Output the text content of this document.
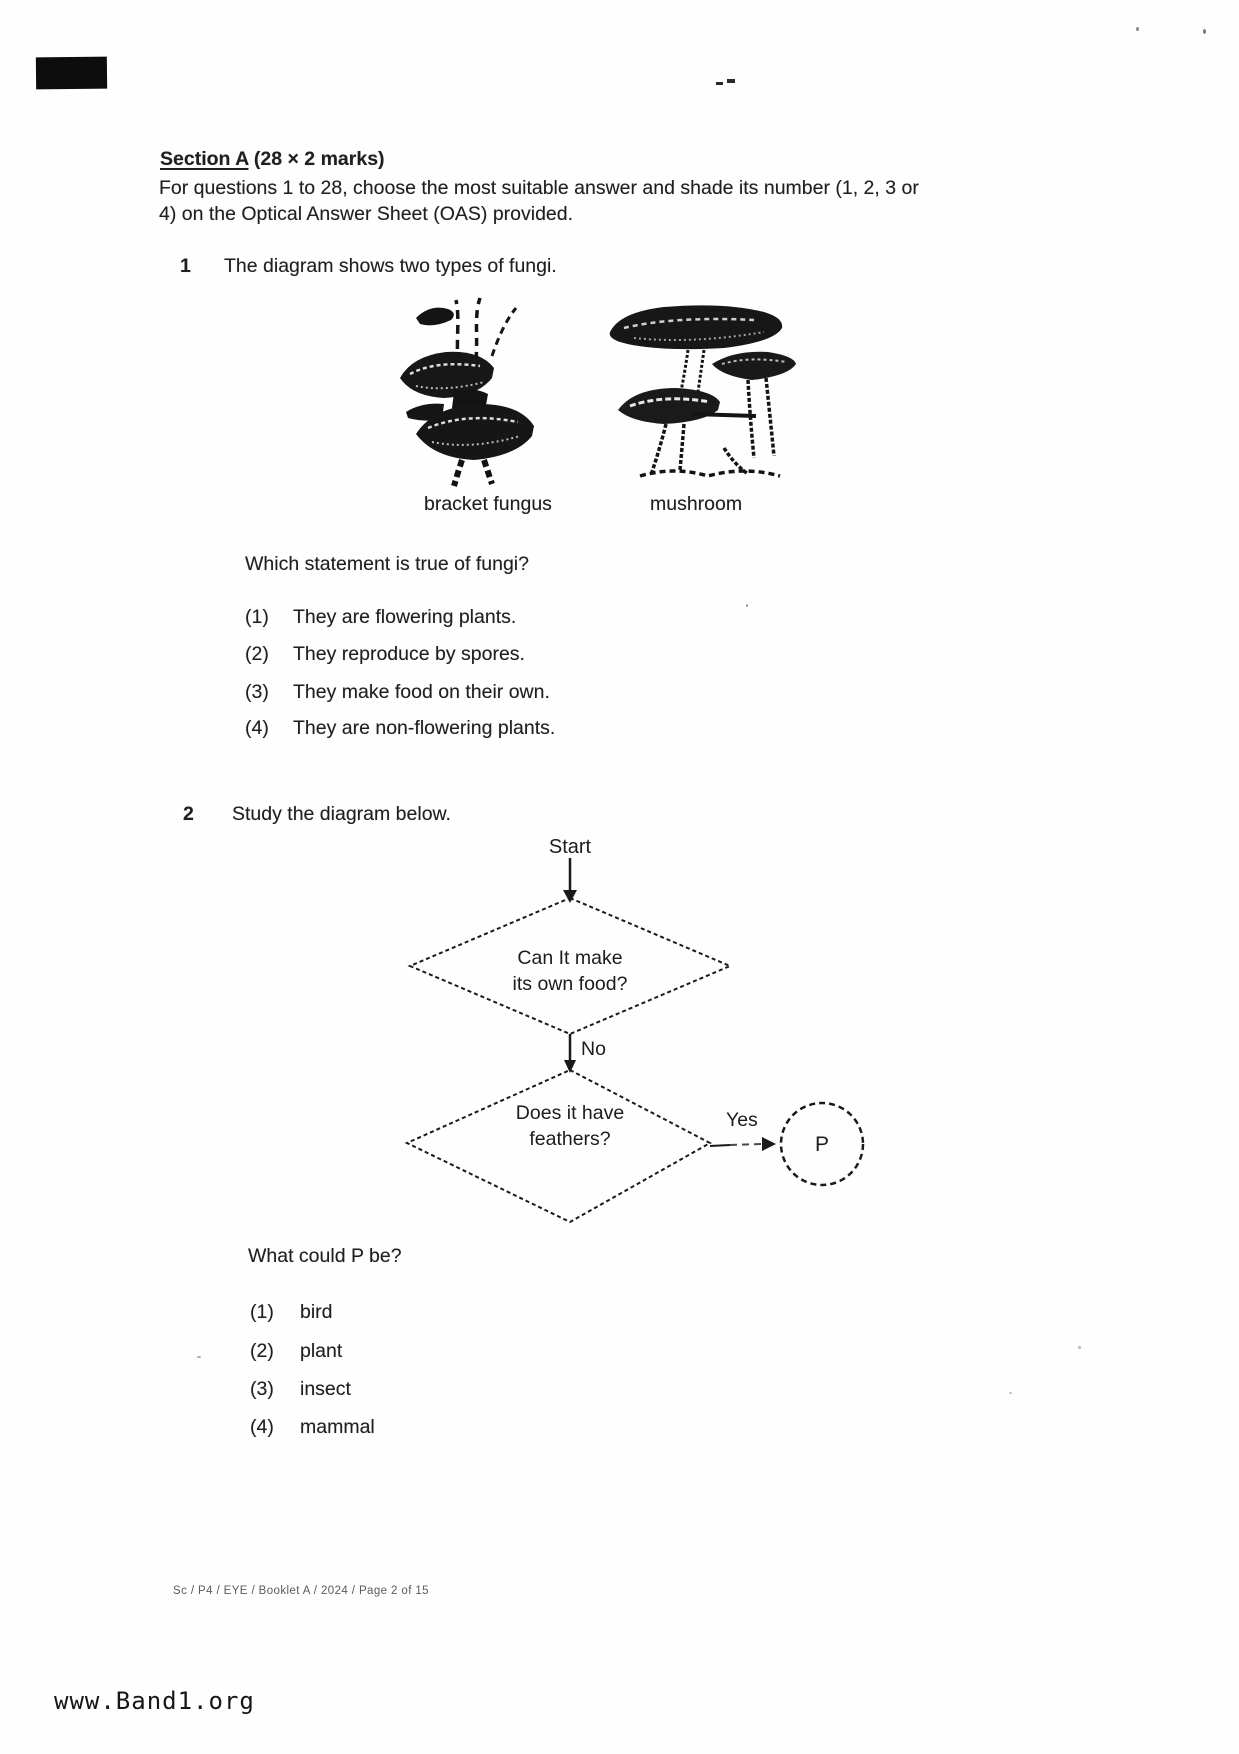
Section A (28 × 2 marks)
For questions 1 to 28, choose the most suitable answer and shade its number (1, 2, 3 or
4) on the Optical Answer Sheet (OAS) provided.
1 The diagram shows two types of fungi.
bracket fungus	mushroom
Which statement is true of fungi?
(1)	They are flowering plants.
(2)	They reproduce by spores.
(3)	They make food on their own.
(4)	They are non-flowering plants.
2 Study the diagram below.
Start
Can It make
its own food?
No
Does it have
feathers?
Yes
P
What could P be?
(1)	bird
(2)	plant
(3)	insect
(4)	mammal
Sc / P4 / EYE / Booklet A / 2024 / Page 2 of 15
www.Band1.org
